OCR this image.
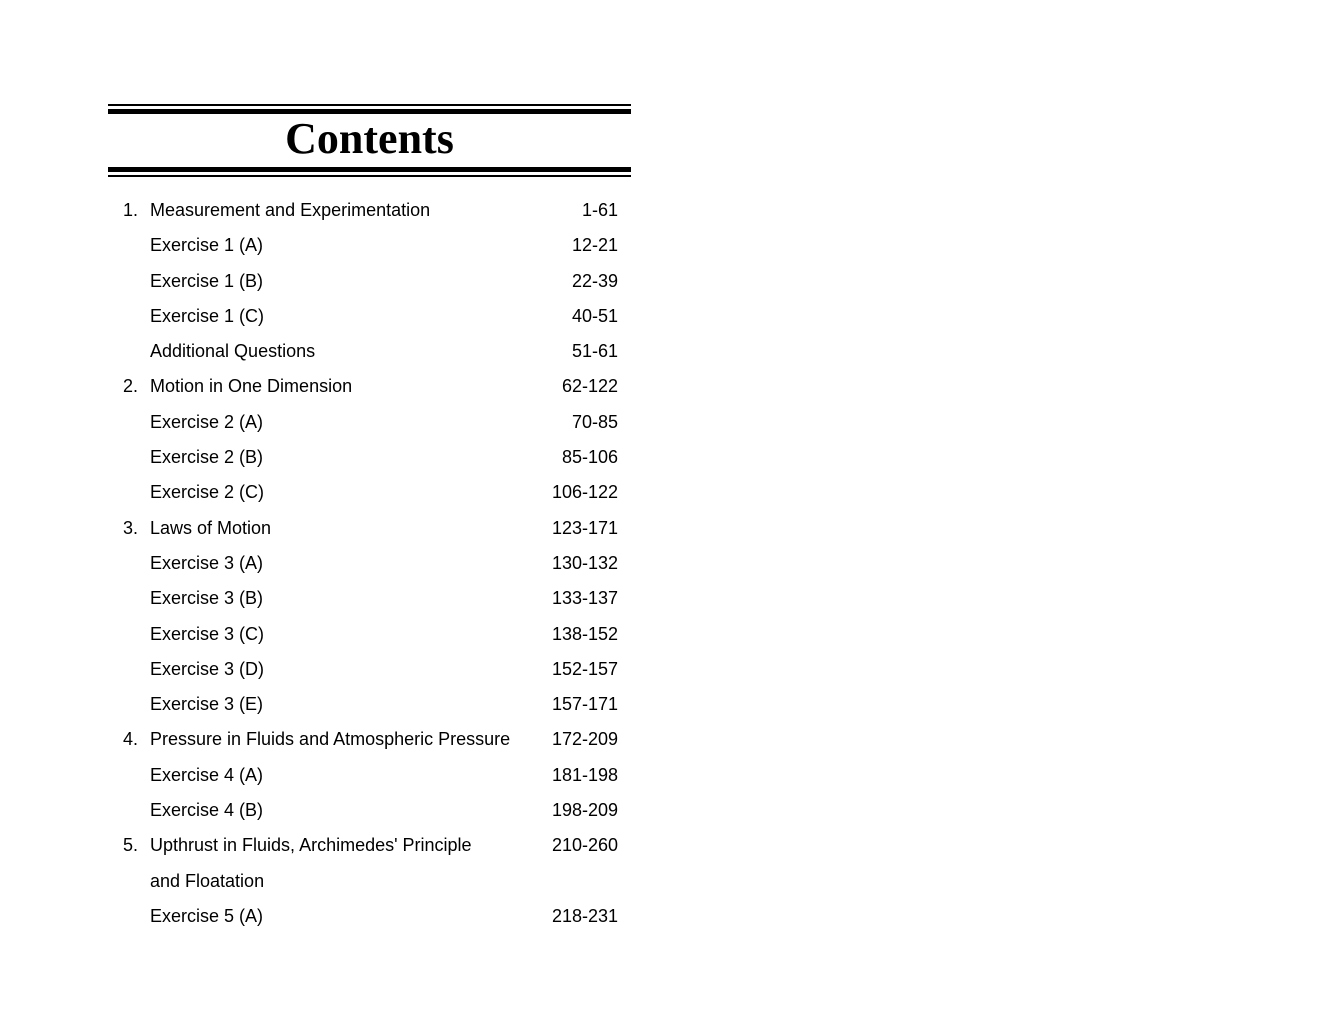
Contents
1. Measurement and Experimentation	1-61
Exercise 1 (A)	12-21
Exercise 1 (B)	22-39
Exercise 1 (C)	40-51
Additional Questions	51-61
2. Motion in One Dimension	62-122
Exercise 2 (A)	70-85
Exercise 2 (B)	85-106
Exercise 2 (C)	106-122
3. Laws of Motion	123-171
Exercise 3 (A)	130-132
Exercise 3 (B)	133-137
Exercise 3 (C)	138-152
Exercise 3 (D)	152-157
Exercise 3 (E)	157-171
4. Pressure in Fluids and Atmospheric Pressure 172-209
Exercise 4 (A)	181-198
Exercise 4 (B)	198-209
5. Upthrust in Fluids, Archimedes' Principle	210-260
and Floatation
Exercise 5 (A)	218-231
